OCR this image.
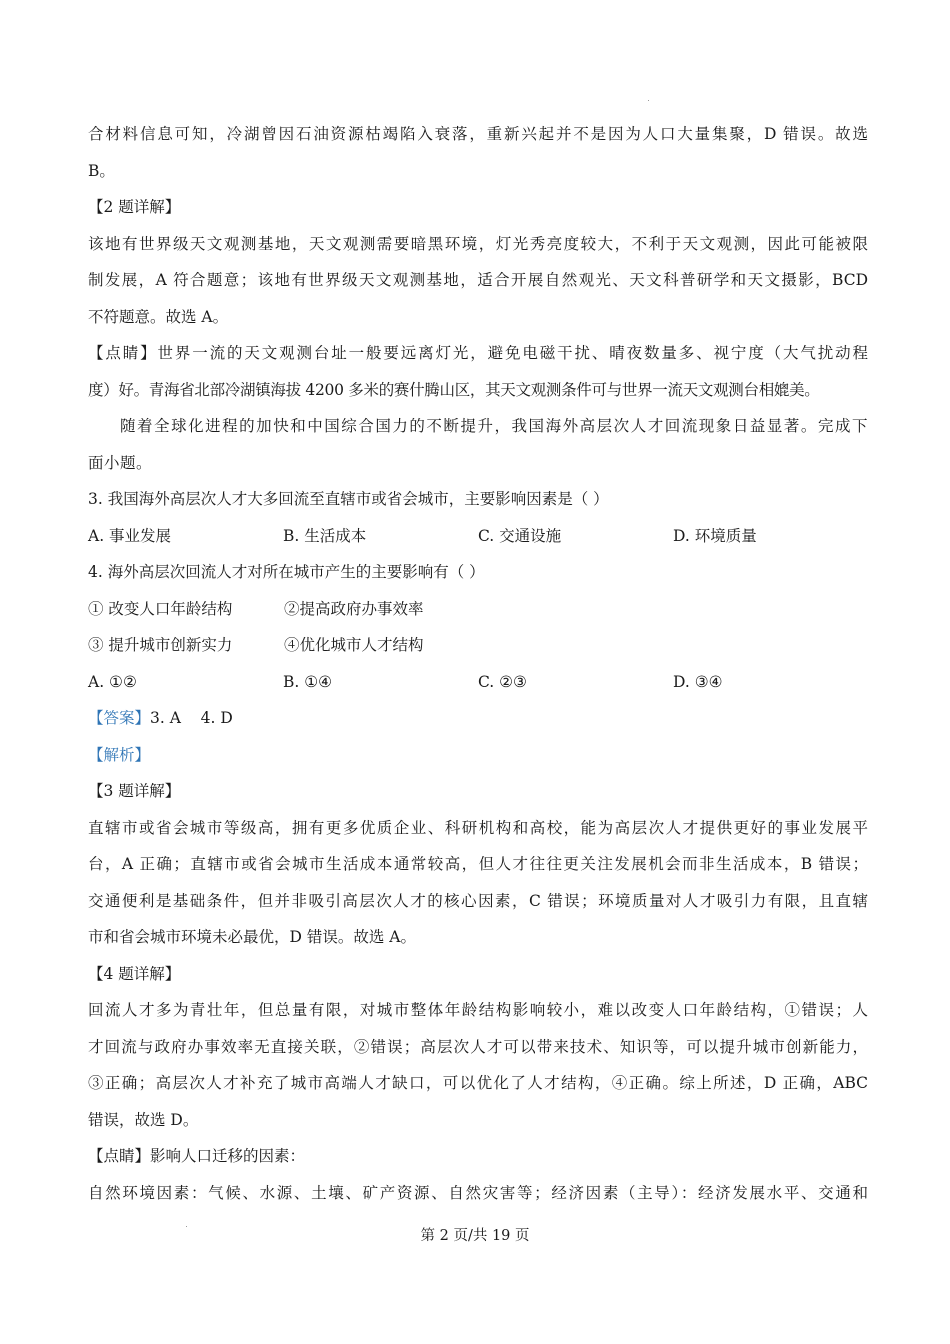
合材料信息可知，冷湖曾因石油资源枯竭陷入衰落，重新兴起并不是因为人口大量集聚，D 错误。故选
B。
【2 题详解】
该地有世界级天文观测基地，天文观测需要暗黑环境，灯光秀亮度较大，不利于天文观测，因此可能被限
制发展，A 符合题意；该地有世界级天文观测基地，适合开展自然观光、天文科普研学和天文摄影，BCD
不符题意。故选 A。
【点睛】世界一流的天文观测台址一般要远离灯光，避免电磁干扰、晴夜数量多、视宁度（大气扰动程
度）好。青海省北部冷湖镇海拔 4200 多米的赛什腾山区，其天文观测条件可与世界一流天文观测台相媲美。
随着全球化进程的加快和中国综合国力的不断提升，我国海外高层次人才回流现象日益显著。完成下
面小题。
3. 我国海外高层次人才大多回流至直辖市或省会城市，主要影响因素是（ ）
A. 事业发展	B. 生活成本	C. 交通设施	D. 环境质量
4. 海外高层次回流人才对所在城市产生的主要影响有（ ）
① 改变人口年龄结构	②提高政府办事效率
③ 提升城市创新实力	④优化城市人才结构
A. ①②	B. ①④	C. ②③	D. ③④
【答案】3. A    4. D
【解析】
【3 题详解】
直辖市或省会城市等级高，拥有更多优质企业、科研机构和高校，能为高层次人才提供更好的事业发展平
台，A 正确；直辖市或省会城市生活成本通常较高，但人才往往更关注发展机会而非生活成本，B 错误；
交通便利是基础条件，但并非吸引高层次人才的核心因素，C 错误；环境质量对人才吸引力有限，且直辖
市和省会城市环境未必最优，D 错误。故选 A。
【4 题详解】
回流人才多为青壮年，但总量有限，对城市整体年龄结构影响较小，难以改变人口年龄结构，①错误；人
才回流与政府办事效率无直接关联，②错误；高层次人才可以带来技术、知识等，可以提升城市创新能力，
③正确；高层次人才补充了城市高端人才缺口，可以优化了人才结构，④正确。综上所述，D 正确，ABC
错误，故选 D。
【点睛】影响人口迁移的因素：
自然环境因素：气候、水源、土壤、矿产资源、自然灾害等；经济因素（主导）：经济发展水平、交通和
第 2 页/共 19 页
